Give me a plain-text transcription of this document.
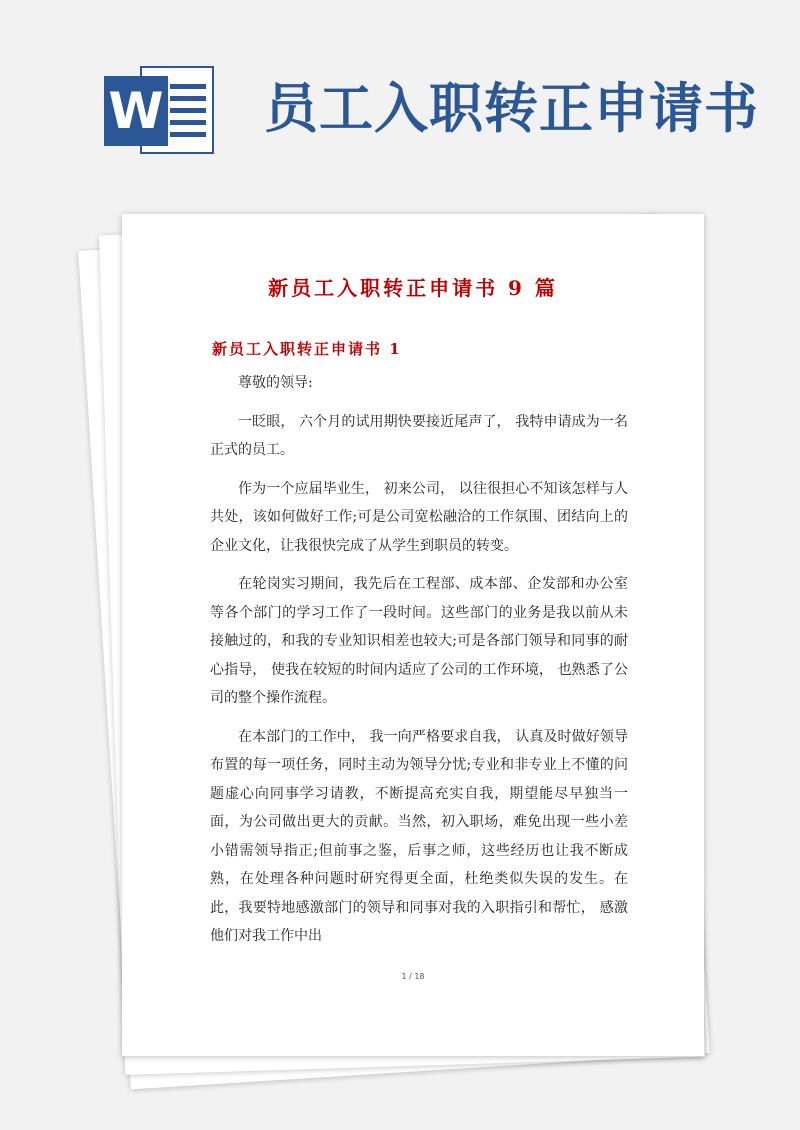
W 员工入职转正申请书
新员工入职转正申请书 9 篇
新员工入职转正申请书 1

尊敬的领导:

一眨眼， 六个月的试用期快要接近尾声了， 我特申请成为一名正式的员工。

作为一个应届毕业生， 初来公司， 以往很担心不知该怎样与人共处，该如何做好工作;可是公司宽松融洽的工作氛围、团结向上的企业文化，让我很快完成了从学生到职员的转变。

在轮岗实习期间，我先后在工程部、成本部、企发部和办公室等各个部门的学习工作了一段时间。这些部门的业务是我以前从未接触过的，和我的专业知识相差也较大;可是各部门领导和同事的耐心指导， 使我在较短的时间内适应了公司的工作环境， 也熟悉了公司的整个操作流程。

在本部门的工作中， 我一向严格要求自我， 认真及时做好领导布置的每一项任务，同时主动为领导分忧;专业和非专业上不懂的问题虚心向同事学习请教，不断提高充实自我，期望能尽早独当一面，为公司做出更大的贡献。当然，初入职场，难免出现一些小差小错需领导指正;但前事之鉴，后事之师，这些经历也让我不断成熟，在处理各种问题时研究得更全面，杜绝类似失误的发生。在此，我要特地感激部门的领导和同事对我的入职指引和帮忙， 感激他们对我工作中出

1 / 18
